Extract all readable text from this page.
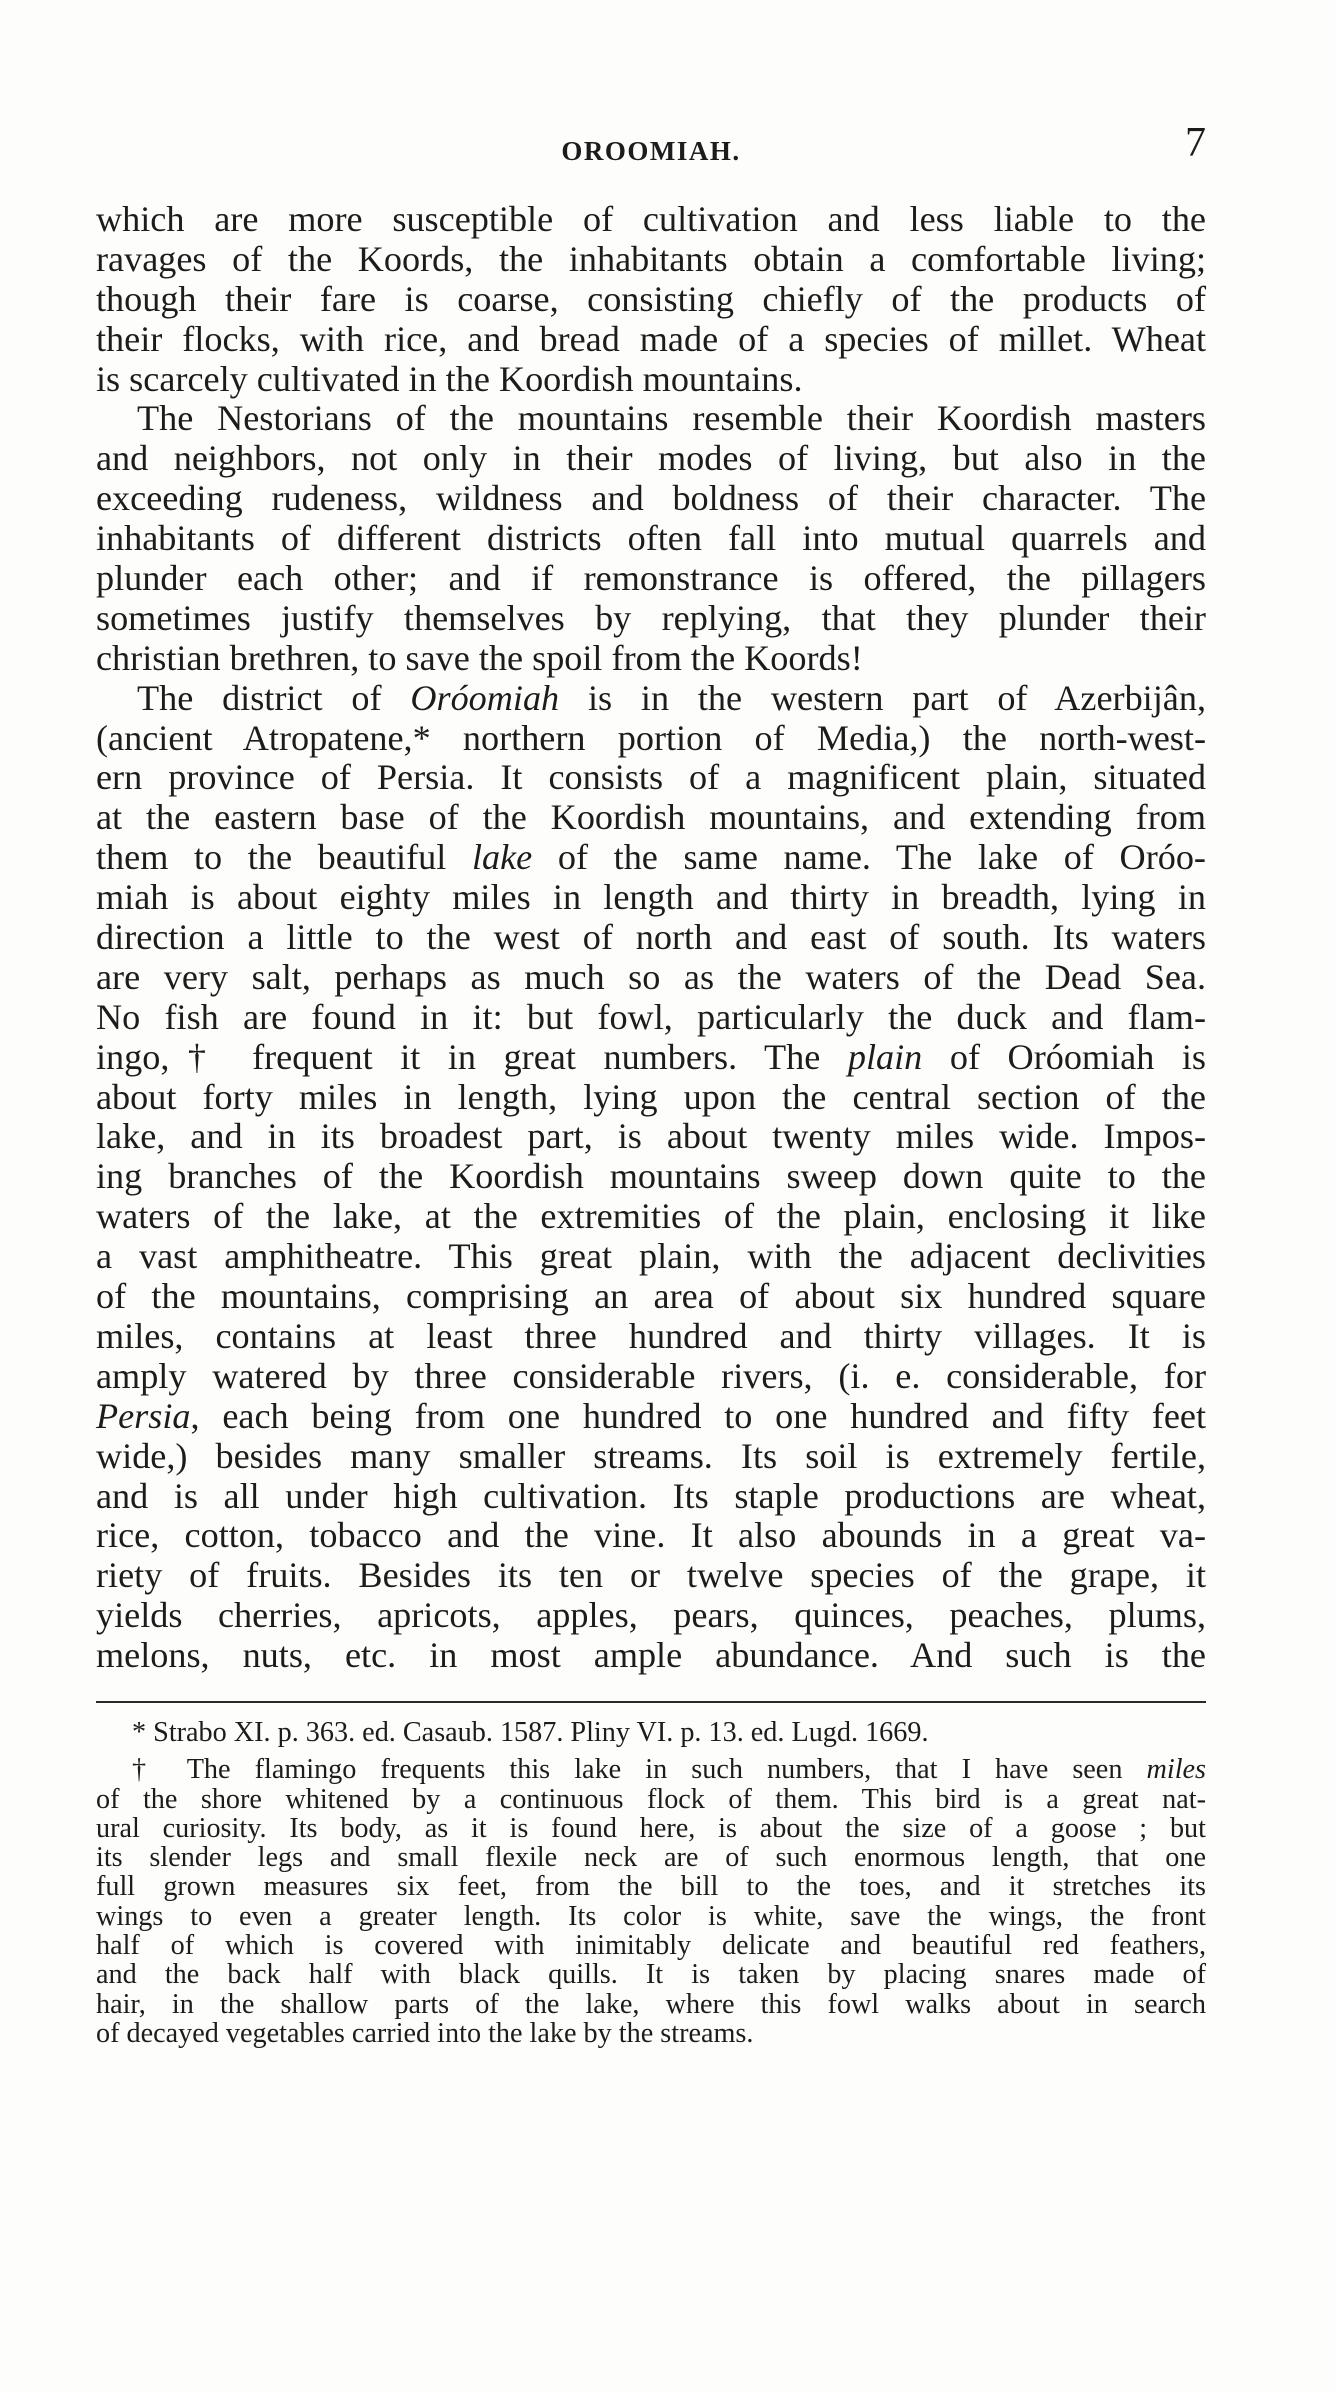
OROOMIAH.	7
which are more susceptible of cultivation and less liable to the
ravages of the Koords, the inhabitants obtain a comfortable living;
though their fare is coarse, consisting chiefly of the products of
their flocks, with rice, and bread made of a species of millet. Wheat
is scarcely cultivated in the Koordish mountains.
The Nestorians of the mountains resemble their Koordish masters
and neighbors, not only in their modes of living, but also in the
exceeding rudeness, wildness and boldness of their character. The
inhabitants of different districts often fall into mutual quarrels and
plunder each other; and if remonstrance is offered, the pillagers
sometimes justify themselves by replying, that they plunder their
christian brethren, to save the spoil from the Koords!
The district of Oróomiah is in the western part of Azerbijân,
(ancient Atropatene,* northern portion of Media,) the north-west-
ern province of Persia. It consists of a magnificent plain, situated
at the eastern base of the Koordish mountains, and extending from
them to the beautiful lake of the same name. The lake of Oróo-
miah is about eighty miles in length and thirty in breadth, lying in
direction a little to the west of north and east of south. Its waters
are very salt, perhaps as much so as the waters of the Dead Sea.
No fish are found in it: but fowl, particularly the duck and flam-
ingo,† frequent it in great numbers. The plain of Oróomiah is
about forty miles in length, lying upon the central section of the
lake, and in its broadest part, is about twenty miles wide. Impos-
ing branches of the Koordish mountains sweep down quite to the
waters of the lake, at the extremities of the plain, enclosing it like
a vast amphitheatre. This great plain, with the adjacent declivities
of the mountains, comprising an area of about six hundred square
miles, contains at least three hundred and thirty villages. It is
amply watered by three considerable rivers, (i. e. considerable, for
Persia, each being from one hundred to one hundred and fifty feet
wide,) besides many smaller streams. Its soil is extremely fertile,
and is all under high cultivation. Its staple productions are wheat,
rice, cotton, tobacco and the vine. It also abounds in a great va-
riety of fruits. Besides its ten or twelve species of the grape, it
yields cherries, apricots, apples, pears, quinces, peaches, plums,
melons, nuts, etc. in most ample abundance. And such is the
* Strabo XI. p. 363. ed. Casaub. 1587. Pliny VI. p. 13. ed. Lugd. 1669.
† The flamingo frequents this lake in such numbers, that I have seen miles
of the shore whitened by a continuous flock of them. This bird is a great nat-
ural curiosity. Its body, as it is found here, is about the size of a goose ; but
its slender legs and small flexile neck are of such enormous length, that one
full grown measures six feet, from the bill to the toes, and it stretches its
wings to even a greater length. Its color is white, save the wings, the front
half of which is covered with inimitably delicate and beautiful red feathers,
and the back half with black quills. It is taken by placing snares made of
hair, in the shallow parts of the lake, where this fowl walks about in search
of decayed vegetables carried into the lake by the streams.
